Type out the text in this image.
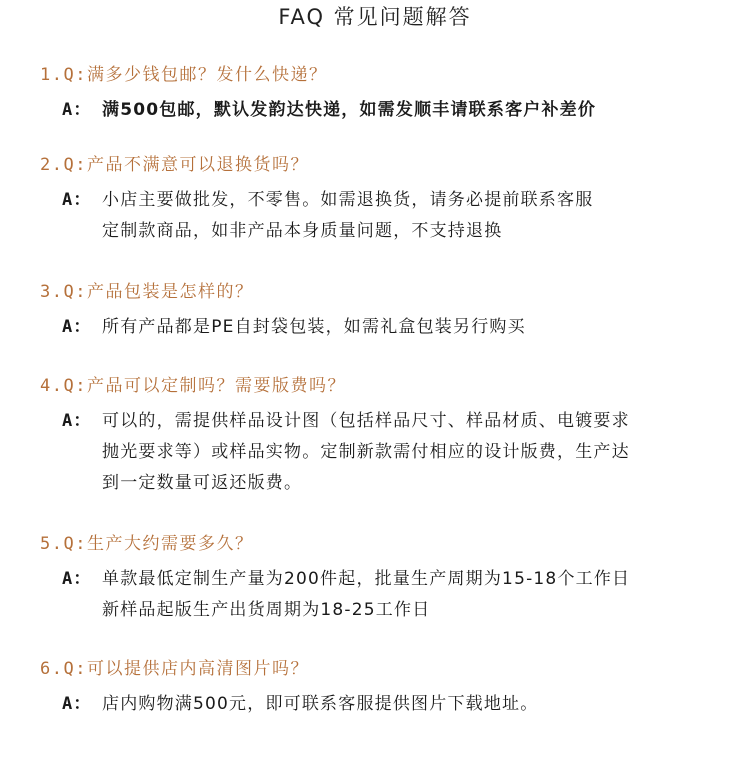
FAQ 常见问题解答
1.Q:满多少钱包邮？发什么快递？
A： 满500包邮，默认发韵达快递，如需发顺丰请联系客户补差价
2.Q:产品不满意可以退换货吗？
A： 小店主要做批发，不零售。如需退换货，请务必提前联系客服
定制款商品，如非产品本身质量问题，不支持退换
3.Q:产品包装是怎样的？
A： 所有产品都是PE自封袋包装，如需礼盒包装另行购买
4.Q:产品可以定制吗？需要版费吗？
A： 可以的，需提供样品设计图（包括样品尺寸、样品材质、电镀要求
抛光要求等）或样品实物。定制新款需付相应的设计版费，生产达
到一定数量可返还版费。
5.Q:生产大约需要多久？
A： 单款最低定制生产量为200件起，批量生产周期为15-18个工作日
新样品起版生产出货周期为18-25工作日
6.Q:可以提供店内高清图片吗？
A： 店内购物满500元，即可联系客服提供图片下载地址。
